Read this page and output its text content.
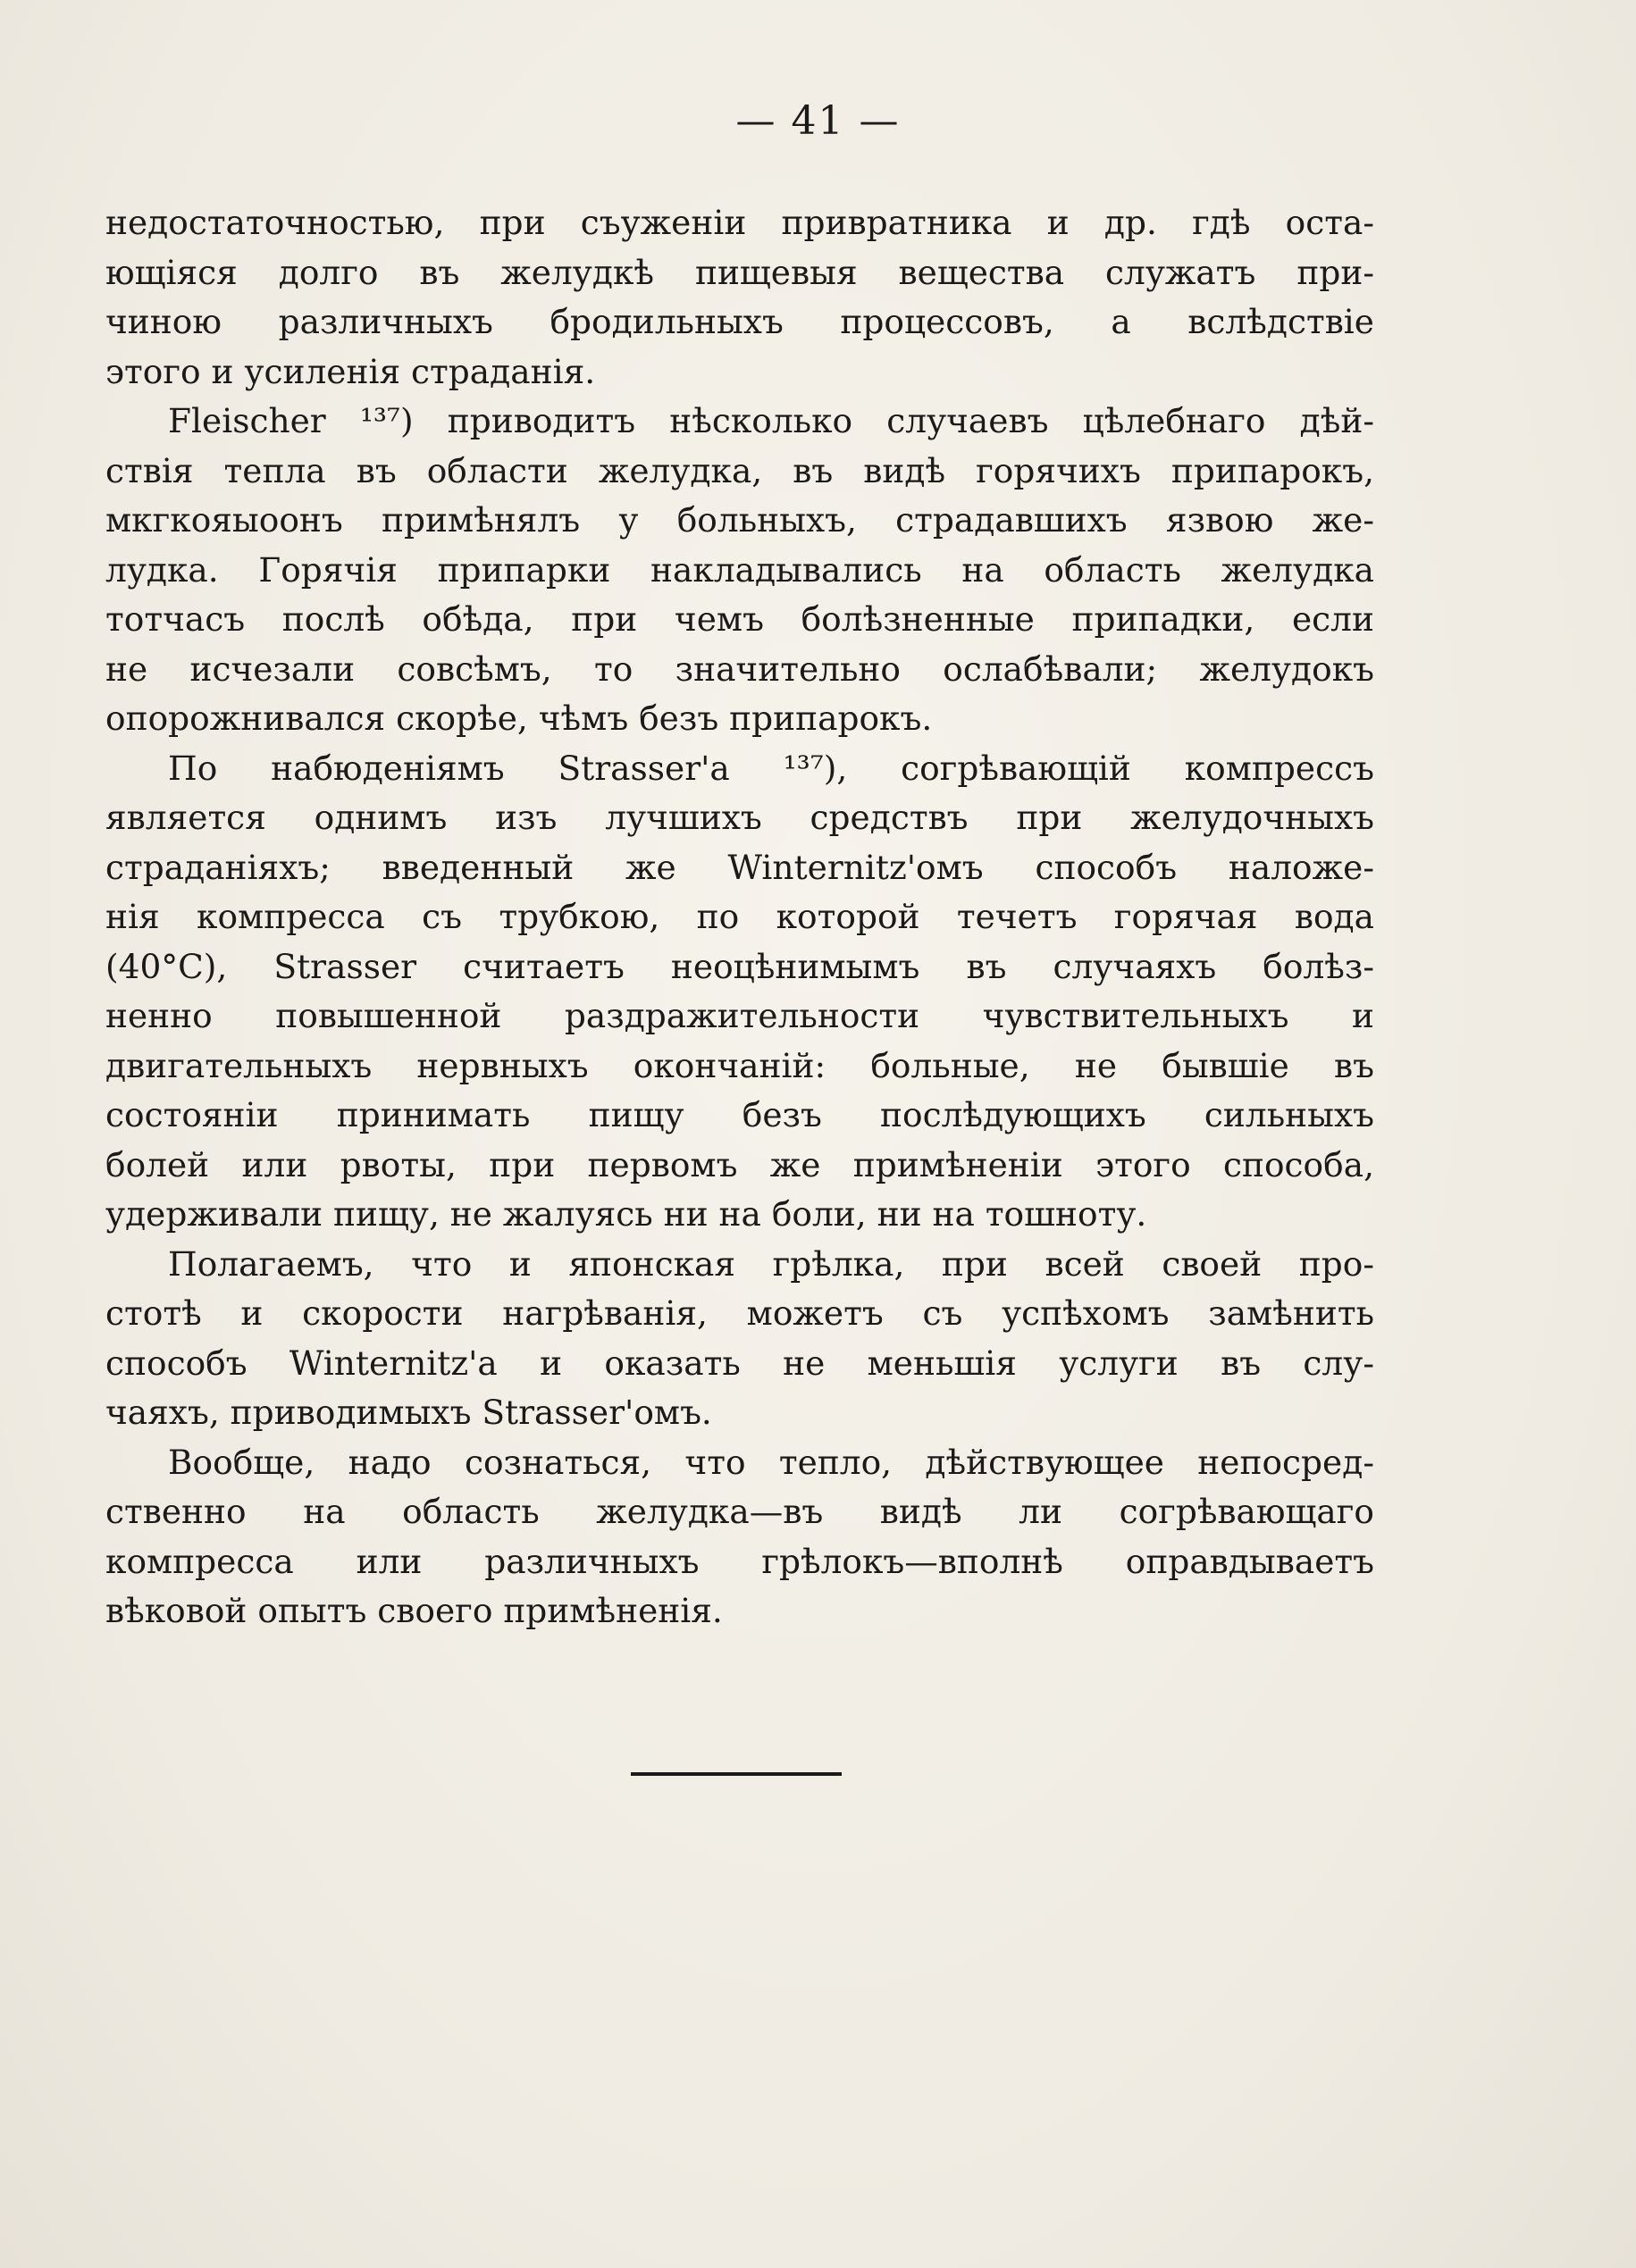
— 41 —

недостаточностью, при съуженіи привратника и др. гдѣ оста-
ющіяся долго въ желудкѣ пищевыя вещества служатъ при-
чиною различныхъ бродильныхъ процессовъ, а вслѣдствіе
этого и усиленія страданія.

Fleischer ¹³⁷) приводитъ нѣсколько случаевъ цѣлебнаго дѣй-
ствія тепла въ области желудка, въ видѣ горячихъ припарокъ,
мкгкояыоонъ примѣнялъ у больныхъ, страдавшихъ язвою же-
лудка. Горячія припарки накладывались на область желудка
тотчасъ послѣ обѣда, при чемъ болѣзненные припадки, если
не исчезали совсѣмъ, то значительно ослабѣвали; желудокъ
опорожнивался скорѣе, чѣмъ безъ припарокъ.

По набюденіямъ Strasser'a ¹³⁷), согрѣвающій компрессъ
является однимъ изъ лучшихъ средствъ при желудочныхъ
страданіяхъ; введенный же Winternitz'омъ способъ наложе-
нія компресса съ трубкою, по которой течетъ горячая вода
(40°C), Strasser считаетъ неоцѣнимымъ въ случаяхъ болѣз-
ненно повышенной раздражительности чувствительныхъ и
двигательныхъ нервныхъ окончаній: больные, не бывшіе въ
состояніи принимать пищу безъ послѣдующихъ сильныхъ
болей или рвоты, при первомъ же примѣненіи этого способа,
удерживали пищу, не жалуясь ни на боли, ни на тошноту.

Полагаемъ, что и японская грѣлка, при всей своей про-
стотѣ и скорости нагрѣванія, можетъ съ успѣхомъ замѣнить
способъ Winternitz'a и оказать не меньшія услуги въ слу-
чаяхъ, приводимыхъ Strasser'омъ.

Вообще, надо сознаться, что тепло, дѣйствующее непосред-
ственно на область желудка—въ видѣ ли согрѣвающаго
компресса или различныхъ грѣлокъ—вполнѣ оправдываетъ
вѣковой опытъ своего примѣненія.
